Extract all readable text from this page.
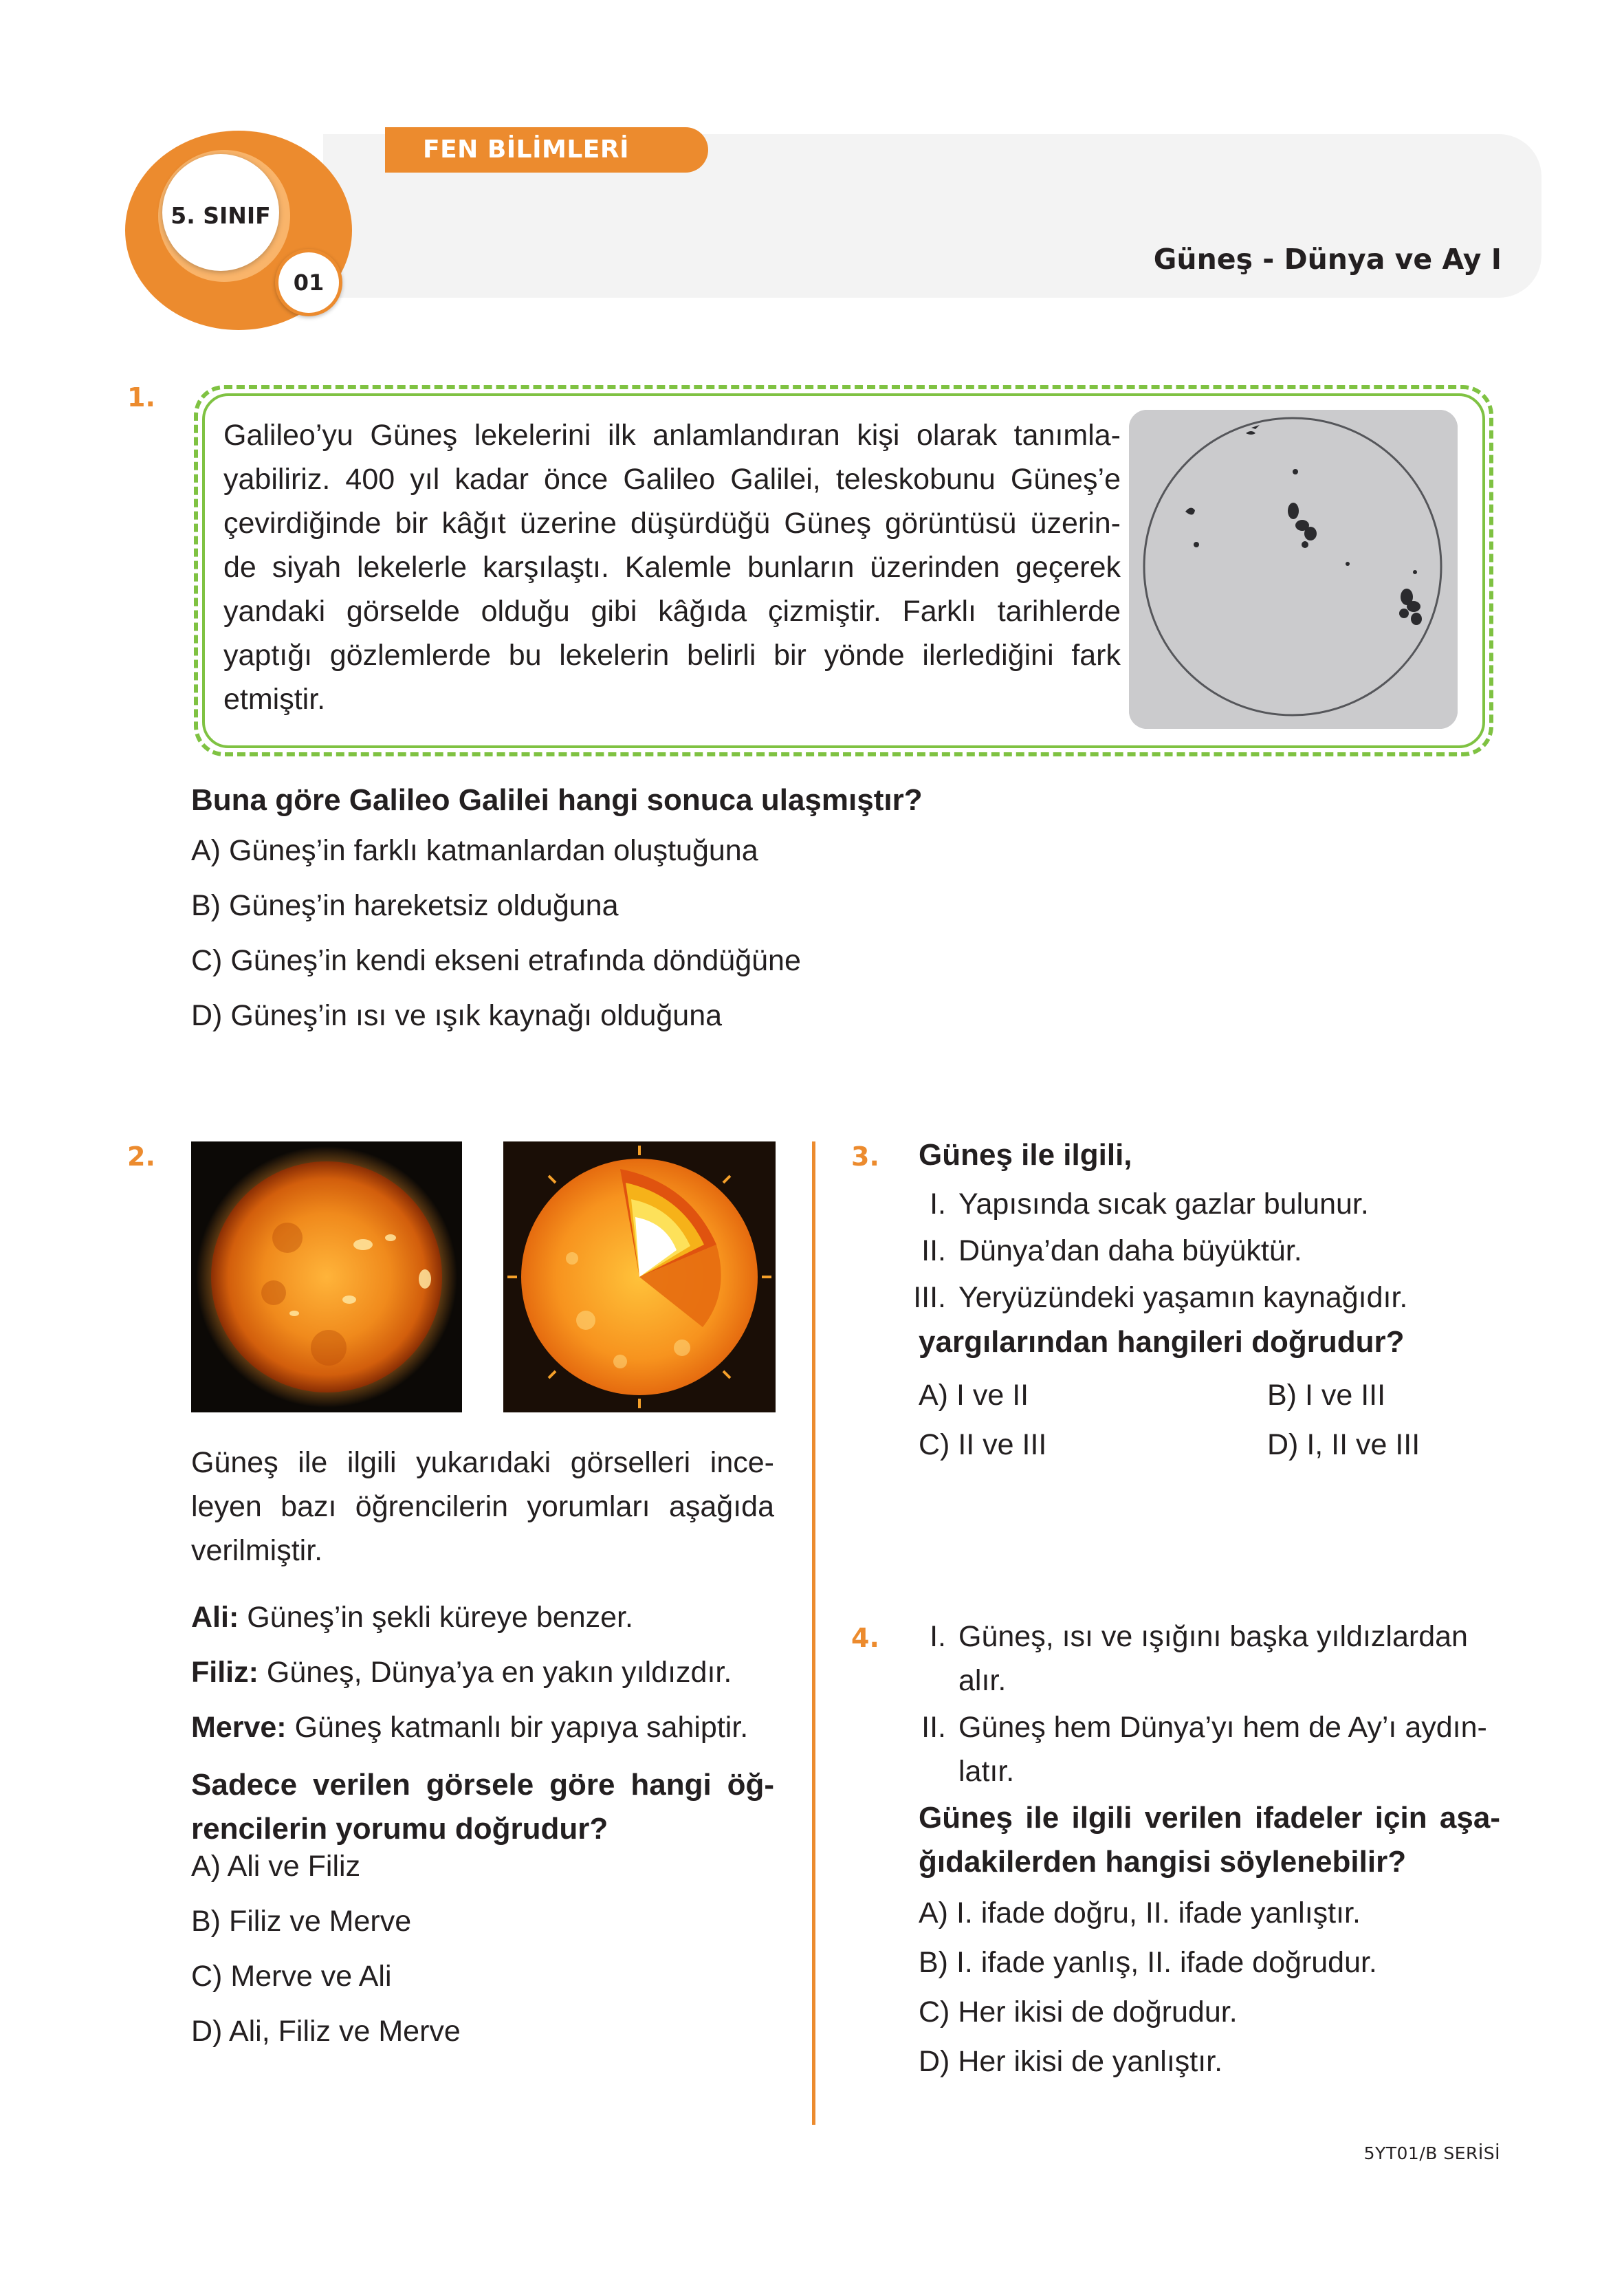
FEN BİLİMLERİ
5. SINIF
01
Güneş - Dünya ve Ay I
1.
Galileo’yu Güneş lekelerini ilk anlamlandıran kişi olarak tanımla-
yabiliriz. 400 yıl kadar önce Galileo Galilei, teleskobunu Güneş’e
çevirdiğinde bir kâğıt üzerine düşürdüğü Güneş görüntüsü üzerin-
de siyah lekelerle karşılaştı. Kalemle bunların üzerinden geçerek
yandaki görselde olduğu gibi kâğıda çizmiştir. Farklı tarihlerde
yaptığı gözlemlerde bu lekelerin belirli bir yönde ilerlediğini fark
etmiştir.
Buna göre Galileo Galilei hangi sonuca ulaşmıştır?
A) Güneş’in farklı katmanlardan oluştuğuna
B) Güneş’in hareketsiz olduğuna
C) Güneş’in kendi ekseni etrafında döndüğüne
D) Güneş’in ısı ve ışık kaynağı olduğuna
2.
Güneş ile ilgili yukarıdaki görselleri ince-
leyen bazı öğrencilerin yorumları aşağıda
verilmiştir.
Ali: Güneş’in şekli küreye benzer.
Filiz: Güneş, Dünya’ya en yakın yıldızdır.
Merve: Güneş katmanlı bir yapıya sahiptir.
Sadece verilen görsele göre hangi öğ-
rencilerin yorumu doğrudur?
A) Ali ve Filiz
B) Filiz ve Merve
C) Merve ve Ali
D) Ali, Filiz ve Merve
3. Güneş ile ilgili,
I. Yapısında sıcak gazlar bulunur.
II. Dünya’dan daha büyüktür.
III. Yeryüzündeki yaşamın kaynağıdır.
yargılarından hangileri doğrudur?
A) I ve II	B) I ve III
C) II ve III	D) I, II ve III
4.	I. Güneş, ısı ve ışığını başka yıldızlardan
alır.
II. Güneş hem Dünya’yı hem de Ay’ı aydın-
latır.
Güneş ile ilgili verilen ifadeler için aşa-
ğıdakilerden hangisi söylenebilir?
A) I. ifade doğru, II. ifade yanlıştır.
B) I. ifade yanlış, II. ifade doğrudur.
C) Her ikisi de doğrudur.
D) Her ikisi de yanlıştır.
5YT01/B SERİSİ
